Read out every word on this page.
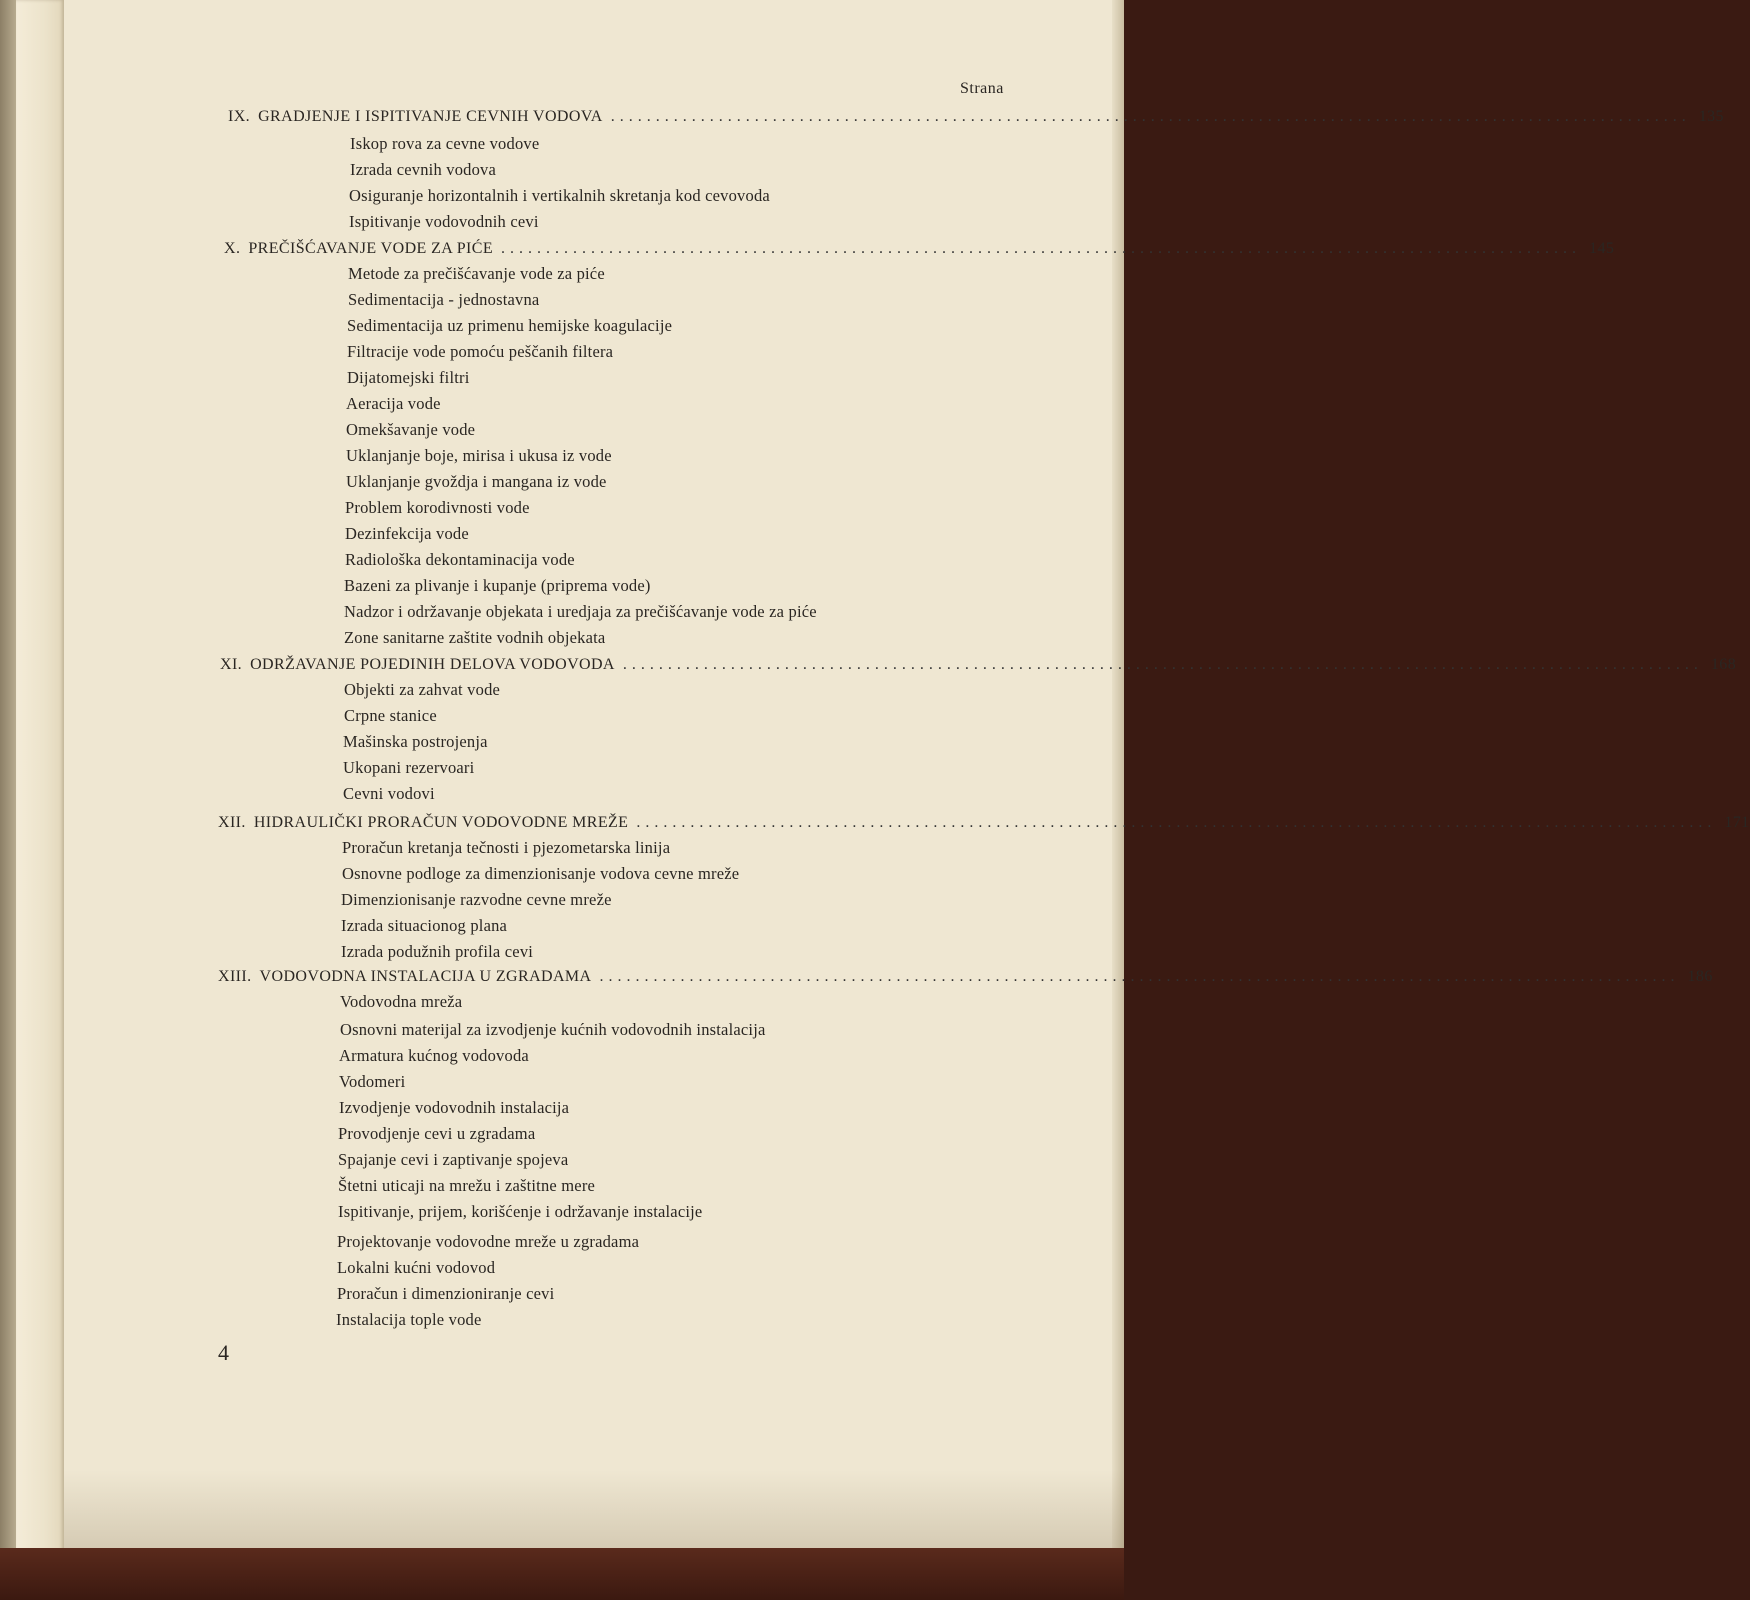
Strana
IX. GRADJENJE I ISPITIVANJE CEVNIH VODOVA ........................................................................................................................ 135
Iskop rova za cevne vodove
Izrada cevnih vodova
Osiguranje horizontalnih i vertikalnih skretanja kod cevovoda
Ispitivanje vodovodnih cevi
X. PREČIŠĆAVANJE VODE ZA PIĆE ........................................................................................................................ 145
Metode za prečišćavanje vode za piće
Sedimentacija - jednostavna
Sedimentacija uz primenu hemijske koagulacije
Filtracije vode pomoću peščanih filtera
Dijatomejski filtri
Aeracija vode
Omekšavanje vode
Uklanjanje boje, mirisa i ukusa iz vode
Uklanjanje gvoždja i mangana iz vode
Problem korodivnosti vode
Dezinfekcija vode
Radiološka dekontaminacija vode
Bazeni za plivanje i kupanje (priprema vode)
Nadzor i održavanje objekata i uredjaja za prečišćavanje vode za piće
Zone sanitarne zaštite vodnih objekata
XI. ODRŽAVANJE POJEDINIH DELOVA VODOVODA ........................................................................................................................ 168
Objekti za zahvat vode
Crpne stanice
Mašinska postrojenja
Ukopani rezervoari
Cevni vodovi
XII. HIDRAULIČKI PRORAČUN VODOVODNE MREŽE ........................................................................................................................ 171
Proračun kretanja tečnosti i pjezometarska linija
Osnovne podloge za dimenzionisanje vodova cevne mreže
Dimenzionisanje razvodne cevne mreže
Izrada situacionog plana
Izrada podužnih profila cevi
XIII. VODOVODNA INSTALACIJA U ZGRADAMA ........................................................................................................................ 186
Vodovodna mreža
Osnovni materijal za izvodjenje kućnih vodovodnih instalacija
Armatura kućnog vodovoda
Vodomeri
Izvodjenje vodovodnih instalacija
Provodjenje cevi u zgradama
Spajanje cevi i zaptivanje spojeva
Štetni uticaji na mrežu i zaštitne mere
Ispitivanje, prijem, korišćenje i održavanje instalacije
Projektovanje vodovodne mreže u zgradama
Lokalni kućni vodovod
Proračun i dimenzioniranje cevi
Instalacija tople vode
4
